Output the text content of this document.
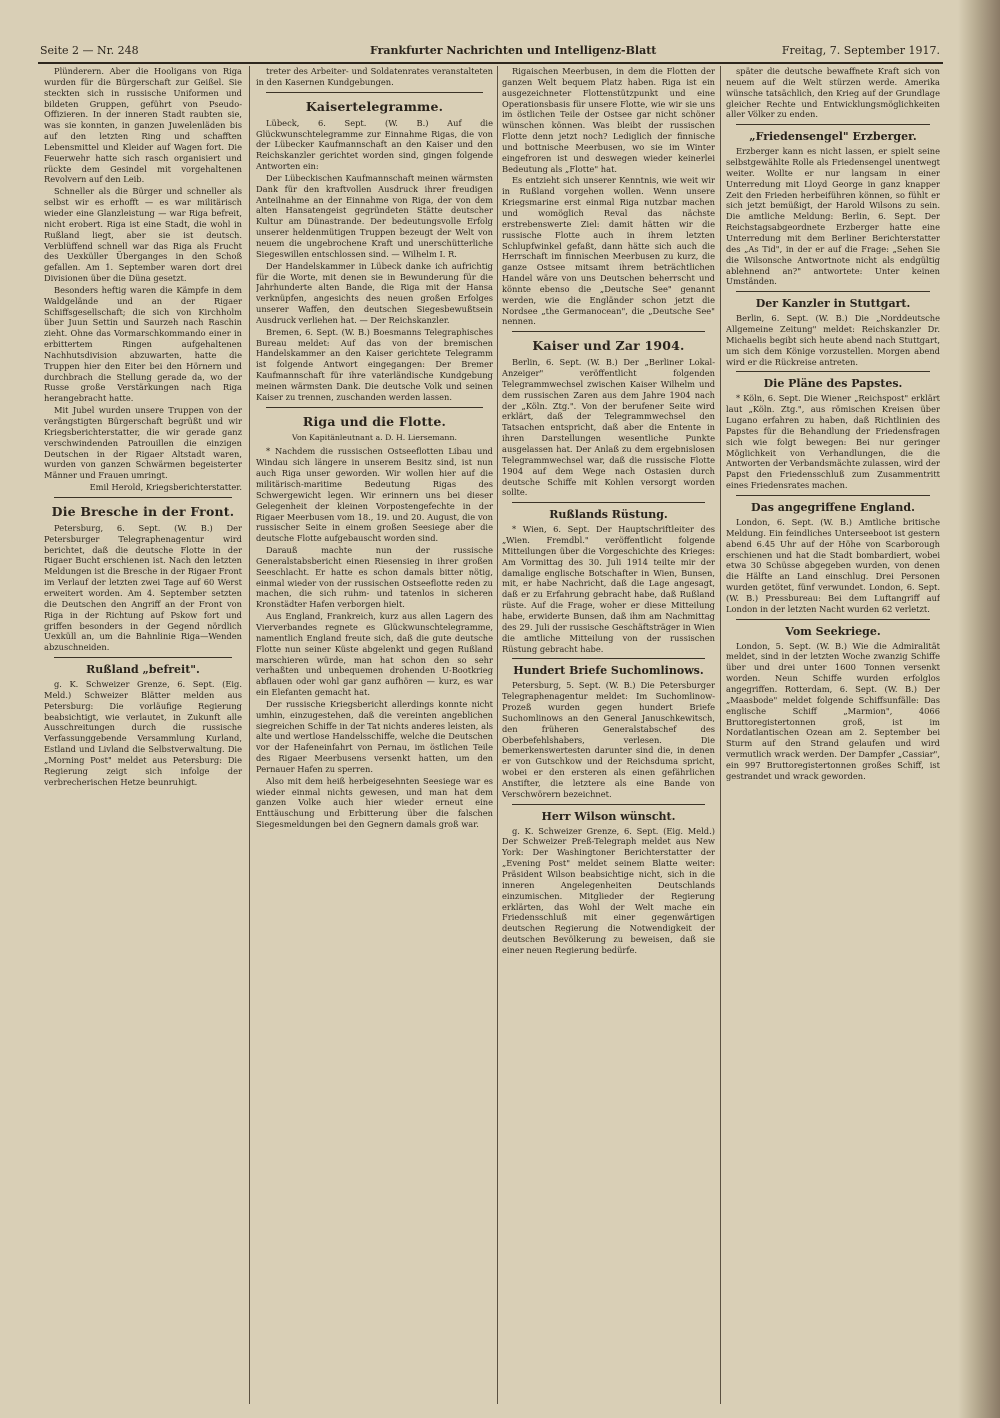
Seite 2 — Nr. 248	Frankfurter Nachrichten und Intelligenz-Blatt	Freitag, 7. September 1917.

Plünderern. Aber die Hooligans von Riga wurden für die Bürgerschaft zur Geißel. Sie steckten sich in russische Uniformen und bildeten Gruppen, geführt von Pseudo-Offizieren. In der inneren Stadt raubten sie, was sie konnten, in ganzen Juwelenläden bis auf den letzten Ring und schafften Lebensmittel und Kleider auf Wagen fort. Die Feuerwehr hatte sich rasch organisiert und rückte dem Gesindel mit vorgehaltenen Revolvern auf den Leib.

Schneller als die Bürger und schneller als selbst wir es erhofft — es war militärisch wieder eine Glanzleistung — war Riga befreit, nicht erobert. Riga ist eine Stadt, die wohl in Rußland liegt, aber sie ist deutsch. Verblüffend schnell war das Riga als Frucht des Uexküller Überganges in den Schoß gefallen. Am 1. September waren dort drei Divisionen über die Düna gesetzt.

Besonders heftig waren die Kämpfe in dem Waldgelände und an der Rigaer Schiffsgesellschaft; die sich von Kirchholm über Juun Settin und Saurzeh nach Raschin zieht. Ohne das Vormarschkommando einer in erbittertem Ringen aufgehaltenen Nachhutsdivision abzuwarten, hatte die Truppen hier den Eiter bei den Hörnern und durchbrach die Stellung gerade da, wo der Russe große Verstärkungen nach Riga herangebracht hatte.

Mit Jubel wurden unsere Truppen von der verängstigten Bürgerschaft begrüßt und wir Kriegsberichterstatter, die wir gerade ganz verschwindenden Patrouillen die einzigen Deutschen in der Rigaer Altstadt waren, wurden von ganzen Schwärmen begeisterter Männer und Frauen umringt.

Emil Herold, Kriegsberichterstatter.

Die Bresche in der Front.

Petersburg, 6. Sept. (W. B.) Der Petersburger Telegraphenagentur wird berichtet, daß die deutsche Flotte in der Rigaer Bucht erschienen ist. Nach den letzten Meldungen ist die Bresche in der Rigaer Front im Verlauf der letzten zwei Tage auf 60 Werst erweitert worden. Am 4. September setzten die Deutschen den Angriff an der Front von Riga in der Richtung auf Pskow fort und griffen besonders in der Gegend nördlich Uexküll an, um die Bahnlinie Riga—Wenden abzuschneiden.

Rußland „befreit".

g. K. Schweizer Grenze, 6. Sept. (Eig. Meld.) Schweizer Blätter melden aus Petersburg: Die vorläufige Regierung beabsichtigt, wie verlautet, in Zukunft alle Ausschreitungen durch die russische Verfassunggebende Versammlung Kurland, Estland und Livland die Selbstverwaltung. Die „Morning Post" meldet aus Petersburg: Die Regierung zeigt sich infolge der verbrecherischen Hetze beunruhigt.

treter des Arbeiter- und Soldatenrates veranstalteten in den Kasernen Kundgebungen.

Kaisertelegramme.

Lübeck, 6. Sept. (W. B.) Auf die Glückwunschtelegramme zur Einnahme Rigas, die von der Lübecker Kaufmannschaft an den Kaiser und den Reichskanzler gerichtet worden sind, gingen folgende Antworten ein:

Der Lübeckischen Kaufmannschaft meinen wärmsten Dank für den kraftvollen Ausdruck ihrer freudigen Anteilnahme an der Einnahme von Riga, der von dem alten Hansatengeist gegründeten Stätte deutscher Kultur am Dünastrande. Der bedeutungsvolle Erfolg unserer heldenmütigen Truppen bezeugt der Welt von neuem die ungebrochene Kraft und unerschütterliche Siegeswillen entschlossen sind. — Wilhelm I. R.

Der Handelskammer in Lübeck danke ich aufrichtig für die Worte, mit denen sie in Bewunderung für die Jahrhunderte alten Bande, die Riga mit der Hansa verknüpfen, angesichts des neuen großen Erfolges unserer Waffen, den deutschen Siegesbewußtsein Ausdruck verliehen hat. — Der Reichskanzler.

Bremen, 6. Sept. (W. B.) Boesmanns Telegraphisches Bureau meldet: Auf das von der bremischen Handelskammer an den Kaiser gerichtete Telegramm ist folgende Antwort eingegangen: Der Bremer Kaufmannschaft für ihre vaterländische Kundgebung meinen wärmsten Dank. Die deutsche Volk und seinen Kaiser zu trennen, zuschanden werden lassen.

Riga und die Flotte.

Von Kapitänleutnant a. D. H. Liersemann.

* Nachdem die russischen Ostseeflotten Libau und Windau sich längere in unserem Besitz sind, ist nun auch Riga unser geworden. Wir wollen hier auf die militärisch-maritime Bedeutung Rigas des Schwergewicht legen. Wir erinnern uns bei dieser Gelegenheit der kleinen Vorpostengefechte in der Rigaer Meerbusen vom 18., 19. und 20. August, die von russischer Seite in einem großen Seesiege aber die deutsche Flotte aufgebauscht worden sind.

Darauß machte nun der russische Generalstabsbericht einen Riesensieg in ihrer großen Seeschlacht. Er hatte es schon damals bitter nötig, einmal wieder von der russischen Ostseeflotte reden zu machen, die sich ruhm- und tatenlos in sicheren Kronstädter Hafen verborgen hielt.

Aus England, Frankreich, kurz aus allen Lagern des Vierverbandes regnete es Glückwunschtelegramme, namentlich England freute sich, daß die gute deutsche Flotte nun seiner Küste abgelenkt und gegen Rußland marschieren würde, man hat schon den so sehr verhaßten und unbequemen drohenden U-Bootkrieg abflauen oder wohl gar ganz aufhören — kurz, es war ein Elefanten gemacht hat.

Der russische Kriegsbericht allerdings konnte nicht umhin, einzugestehen, daß die vereinten angeblichen siegreichen Schiffe in der Tat nichts anderes leisten, als alte und wertlose Handelsschiffe, welche die Deutschen vor der Hafeneinfahrt von Pernau, im östlichen Teile des Rigaer Meerbusens versenkt hatten, um den Pernauer Hafen zu sperren.

Also mit dem heiß herbeigesehnten Seesiege war es wieder einmal nichts gewesen, und man hat dem ganzen Volke auch hier wieder erneut eine Enttäuschung und Erbitterung über die falschen Siegesmeldungen bei den Gegnern damals groß war.

Rigaischen Meerbusen, in dem die Flotten der ganzen Welt bequem Platz haben. Riga ist ein ausgezeichneter Flottenstützpunkt und eine Operationsbasis für unsere Flotte, wie wir sie uns im östlichen Teile der Ostsee gar nicht schöner wünschen können. Was bleibt der russischen Flotte denn jetzt noch? Lediglich der finnische und bottnische Meerbusen, wo sie im Winter eingefroren ist und deswegen wieder keinerlei Bedeutung als „Flotte" hat.

Es entzieht sich unserer Kenntnis, wie weit wir in Rußland vorgehen wollen. Wenn unsere Kriegsmarine erst einmal Riga nutzbar machen und womöglich Reval das nächste erstrebenswerte Ziel: damit hätten wir die russische Flotte auch in ihrem letzten Schlupfwinkel gefaßt, dann hätte sich auch die Herrschaft im finnischen Meerbusen zu kurz, die ganze Ostsee mitsamt ihrem beträchtlichen Handel wäre von uns Deutschen beherrscht und könnte ebenso die „Deutsche See" genannt werden, wie die Engländer schon jetzt die Nordsee „the Germanocean", die „Deutsche See" nennen.

Kaiser und Zar 1904.

Berlin, 6. Sept. (W. B.) Der „Berliner Lokal-Anzeiger" veröffentlicht folgenden Telegrammwechsel zwischen Kaiser Wilhelm und dem russischen Zaren aus dem Jahre 1904 nach der „Köln. Ztg.". Von der berufener Seite wird erklärt, daß der Telegrammwechsel den Tatsachen entspricht, daß aber die Entente in ihren Darstellungen wesentliche Punkte ausgelassen hat. Der Anlaß zu dem ergebnislosen Telegrammwechsel war, daß die russische Flotte 1904 auf dem Wege nach Ostasien durch deutsche Schiffe mit Kohlen versorgt worden sollte.

Rußlands Rüstung.

* Wien, 6. Sept. Der Hauptschriftleiter des „Wien. Fremdbl." veröffentlicht folgende Mitteilungen über die Vorgeschichte des Krieges: Am Vormittag des 30. Juli 1914 teilte mir der damalige englische Botschafter in Wien, Bunsen, mit, er habe Nachricht, daß die Lage angesagt, daß er zu Erfahrung gebracht habe, daß Rußland rüste. Auf die Frage, woher er diese Mitteilung habe, erwiderte Bunsen, daß ihm am Nachmittag des 29. Juli der russische Geschäftsträger in Wien die amtliche Mitteilung von der russischen Rüstung gebracht habe.

Hundert Briefe Suchomlinows.

Petersburg, 5. Sept. (W. B.) Die Petersburger Telegraphenagentur meldet: Im Suchomlinow-Prozeß wurden gegen hundert Briefe Suchomlinows an den General Januschkewitsch, den früheren Generalstabschef des Oberbefehlshabers, verlesen. Die bemerkenswertesten darunter sind die, in denen er von Gutschkow und der Reichsduma spricht, wobei er den ersteren als einen gefährlichen Anstifter, die letztere als eine Bande von Verschwörern bezeichnet.

Herr Wilson wünscht.

g. K. Schweizer Grenze, 6. Sept. (Eig. Meld.) Der Schweizer Preß-Telegraph meldet aus New York: Der Washingtoner Berichterstatter der „Evening Post" meldet seinem Blatte weiter: Präsident Wilson beabsichtige nicht, sich in die inneren Angelegenheiten Deutschlands einzumischen. Mitglieder der Regierung erklärten, das Wohl der Welt mache ein Friedensschluß mit einer gegenwärtigen deutschen Regierung die Notwendigkeit der deutschen Bevölkerung zu beweisen, daß sie einer neuen Regierung bedürfe.

später die deutsche bewaffnete Kraft sich von neuem auf die Welt stürzen werde. Amerika wünsche tatsächlich, den Krieg auf der Grundlage gleicher Rechte und Entwicklungsmöglichkeiten aller Völker zu enden.

„Friedensengel" Erzberger.

Erzberger kann es nicht lassen, er spielt seine selbstgewählte Rolle als Friedensengel unentwegt weiter. Wollte er nur langsam in einer Unterredung mit Lloyd George in ganz knapper Zeit den Frieden herbeiführen können, so fühlt er sich jetzt bemüßigt, der Harold Wilsons zu sein. Die amtliche Meldung: Berlin, 6. Sept. Der Reichstagsabgeordnete Erzberger hatte eine Unterredung mit dem Berliner Berichterstatter des „As Tid", in der er auf die Frage: „Sehen Sie die Wilsonsche Antwortnote nicht als endgültig ablehnend an?" antwortete: Unter keinen Umständen.

Der Kanzler in Stuttgart.

Berlin, 6. Sept. (W. B.) Die „Norddeutsche Allgemeine Zeitung" meldet: Reichskanzler Dr. Michaelis begibt sich heute abend nach Stuttgart, um sich dem Könige vorzustellen. Morgen abend wird er die Rückreise antreten.

Die Pläne des Papstes.

* Köln, 6. Sept. Die Wiener „Reichspost" erklärt laut „Köln. Ztg.", aus römischen Kreisen über Lugano erfahren zu haben, daß Richtlinien des Papstes für die Behandlung der Friedensfragen sich wie folgt bewegen: Bei nur geringer Möglichkeit von Verhandlungen, die die Antworten der Verbandsmächte zulassen, wird der Papst den Friedensschluß zum Zusammentritt eines Friedensrates machen.

Das angegriffene England.

London, 6. Sept. (W. B.) Amtliche britische Meldung. Ein feindliches Unterseeboot ist gestern abend 6.45 Uhr auf der Höhe von Scarborough erschienen und hat die Stadt bombardiert, wobei etwa 30 Schüsse abgegeben wurden, von denen die Hälfte an Land einschlug. Drei Personen wurden getötet, fünf verwundet. London, 6. Sept. (W. B.) Pressbureau: Bei dem Luftangriff auf London in der letzten Nacht wurden 62 verletzt.

Vom Seekriege.

London, 5. Sept. (W. B.) Wie die Admiralität meldet, sind in der letzten Woche zwanzig Schiffe über und drei unter 1600 Tonnen versenkt worden. Neun Schiffe wurden erfolglos angegriffen. Rotterdam, 6. Sept. (W. B.) Der „Maasbode" meldet folgende Schiffsunfälle: Das englische Schiff „Marmion", 4066 Bruttoregistertonnen groß, ist im Nordatlantischen Ozean am 2. September bei Sturm auf den Strand gelaufen und wird vermutlich wrack werden. Der Dampfer „Cassiar", ein 997 Bruttoregistertonnen großes Schiff, ist gestrandet und wrack geworden.
